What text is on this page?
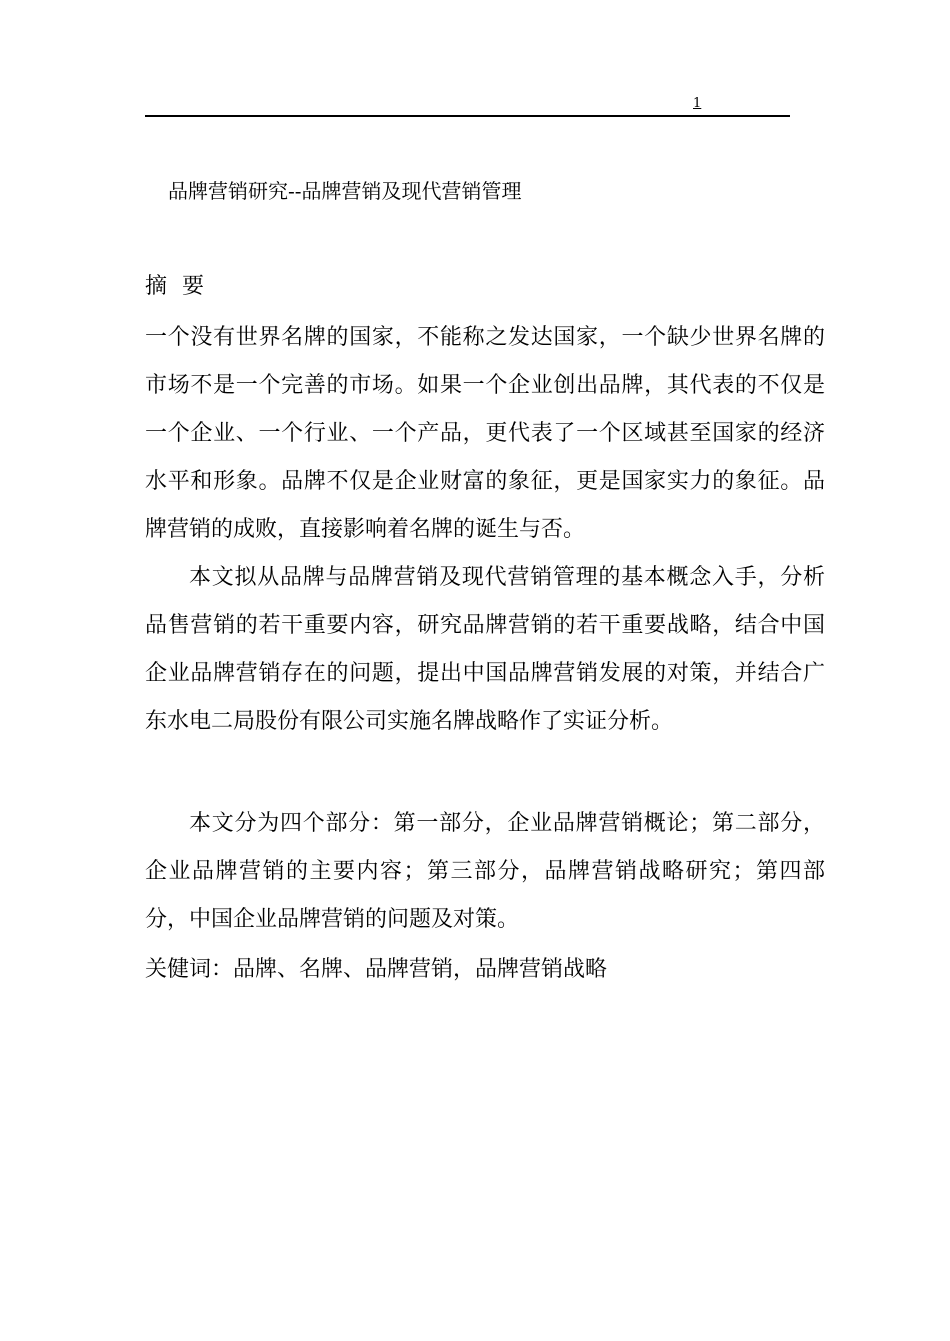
1
品牌营销研究--品牌营销及现代营销管理
摘 要

一个没有世界名牌的国家，不能称之发达国家，一个缺少世界名牌的市场不是一个完善的市场。如果一个企业创出品牌，其代表的不仅是一个企业、一个行业、一个产品，更代表了一个区域甚至国家的经济水平和形象。品牌不仅是企业财富的象征，更是国家实力的象征。品牌营销的成败，直接影响着名牌的诞生与否。

本文拟从品牌与品牌营销及现代营销管理的基本概念入手，分析品售营销的若干重要内容，研究品牌营销的若干重要战略，结合中国企业品牌营销存在的问题，提出中国品牌营销发展的对策，并结合广东水电二局股份有限公司实施名牌战略作了实证分析。

本文分为四个部分：第一部分，企业品牌营销概论；第二部分，企业品牌营销的主要内容；第三部分，品牌营销战略研究；第四部分，中国企业品牌营销的问题及对策。

关健词：品牌、名牌、品牌营销，品牌营销战略
